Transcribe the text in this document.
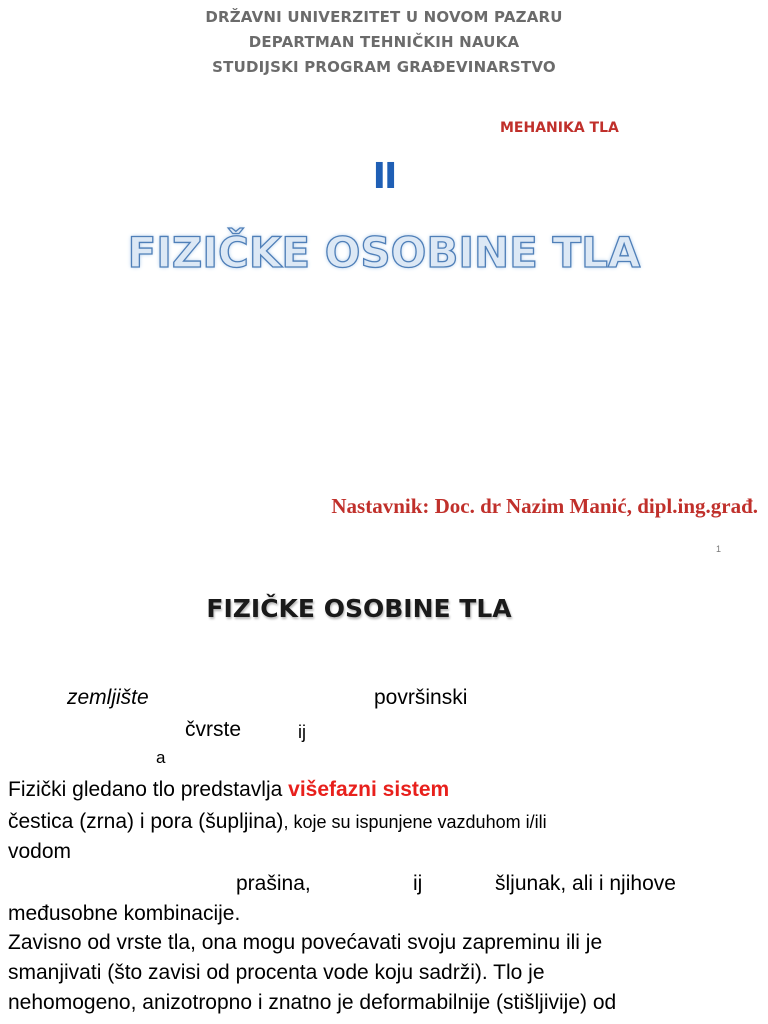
DRŽAVNI UNIVERZITET U NOVOM PAZARU
DEPARTMAN TEHNIČKIH NAUKA
STUDIJSKI PROGRAM GRAĐEVINARSTVO
MEHANIKA TLA
II
FIZIČKE OSOBINE TLA
Nastavnik: Doc. dr Nazim Manić, dipl.ing.građ.
1
FIZIČKE OSOBINE TLA
zemljište	površinski
čvrste	ij
a
Fizički gledano tlo predstavlja višefazni sistem
čestica (zrna) i pora (šupljina), koje su ispunjene vazduhom i/ili
vodom
prašina,	ij	šljunak, ali i njihove
međusobne kombinacije.
Zavisno od vrste tla, ona mogu povećavati svoju zapreminu ili je
smanjivati (što zavisi od procenta vode koju sadrži). Tlo je
nehomogeno, anizotropno i znatno je deformabilnije (stišljivije) od
